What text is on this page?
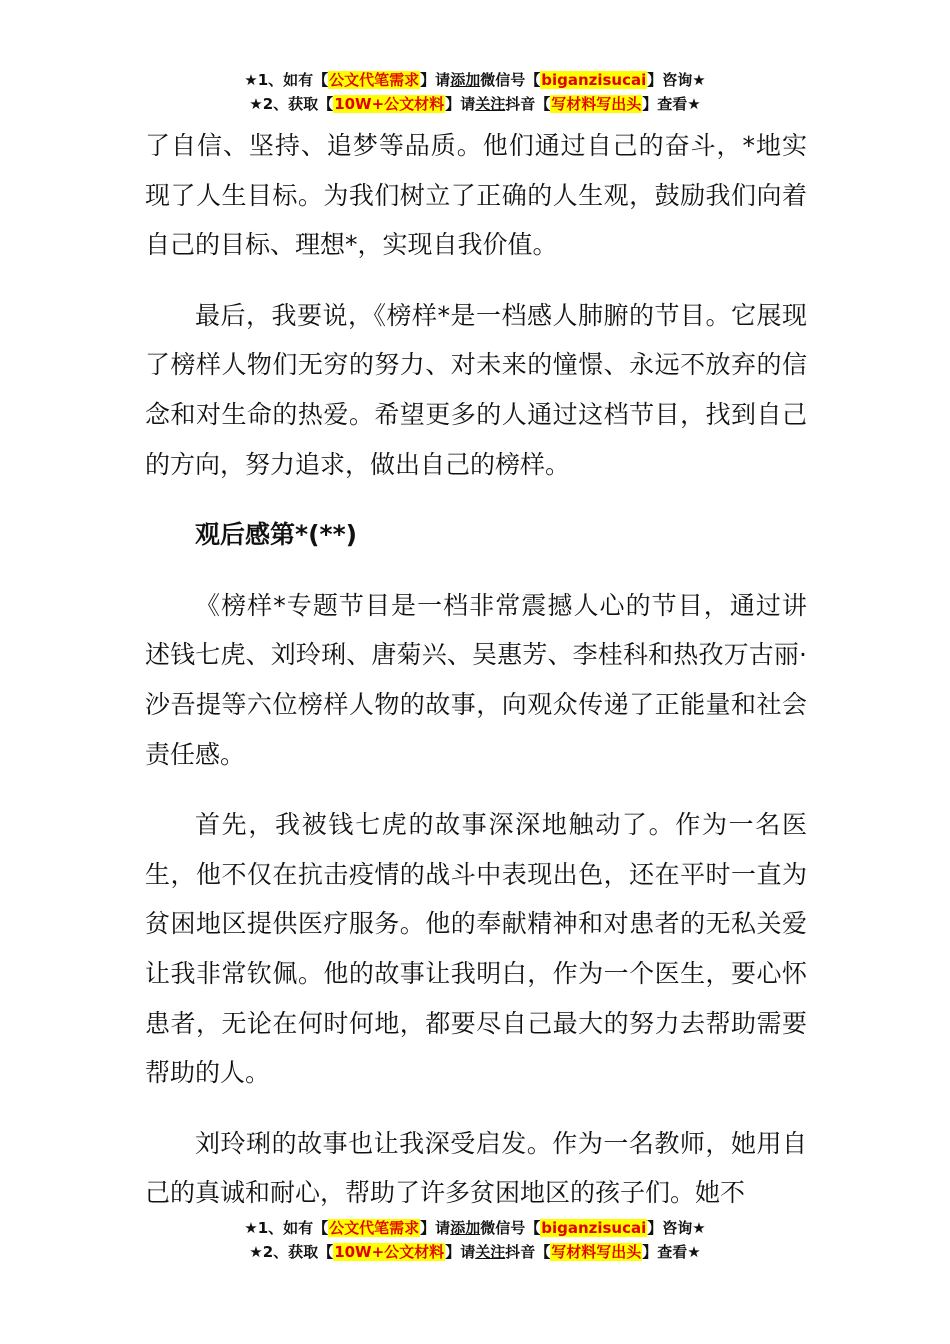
★1、如有【公文代笔需求】请添加微信号【biganzisucai】咨询★
★2、获取【10W+公文材料】请关注抖音【写材料写出头】查看★

了自信、坚持、追梦等品质。他们通过自己的奋斗，*地实现了人生目标。为我们树立了正确的人生观，鼓励我们向着自己的目标、理想*，实现自我价值。

最后，我要说，《榜样*是一档感人肺腑的节目。它展现了榜样人物们无穷的努力、对未来的憧憬、永远不放弃的信念和对生命的热爱。希望更多的人通过这档节目，找到自己的方向，努力追求，做出自己的榜样。

观后感第*(**)

《榜样*专题节目是一档非常震撼人心的节目，通过讲述钱七虎、刘玲琍、唐菊兴、吴惠芳、李桂科和热孜万古丽·沙吾提等六位榜样人物的故事，向观众传递了正能量和社会责任感。

首先，我被钱七虎的故事深深地触动了。作为一名医生，他不仅在抗击疫情的战斗中表现出色，还在平时一直为贫困地区提供医疗服务。他的奉献精神和对患者的无私关爱让我非常钦佩。他的故事让我明白，作为一个医生，要心怀患者，无论在何时何地，都要尽自己最大的努力去帮助需要帮助的人。

刘玲琍的故事也让我深受启发。作为一名教师，她用自己的真诚和耐心，帮助了许多贫困地区的孩子们。她不

★1、如有【公文代笔需求】请添加微信号【biganzisucai】咨询★
★2、获取【10W+公文材料】请关注抖音【写材料写出头】查看★
